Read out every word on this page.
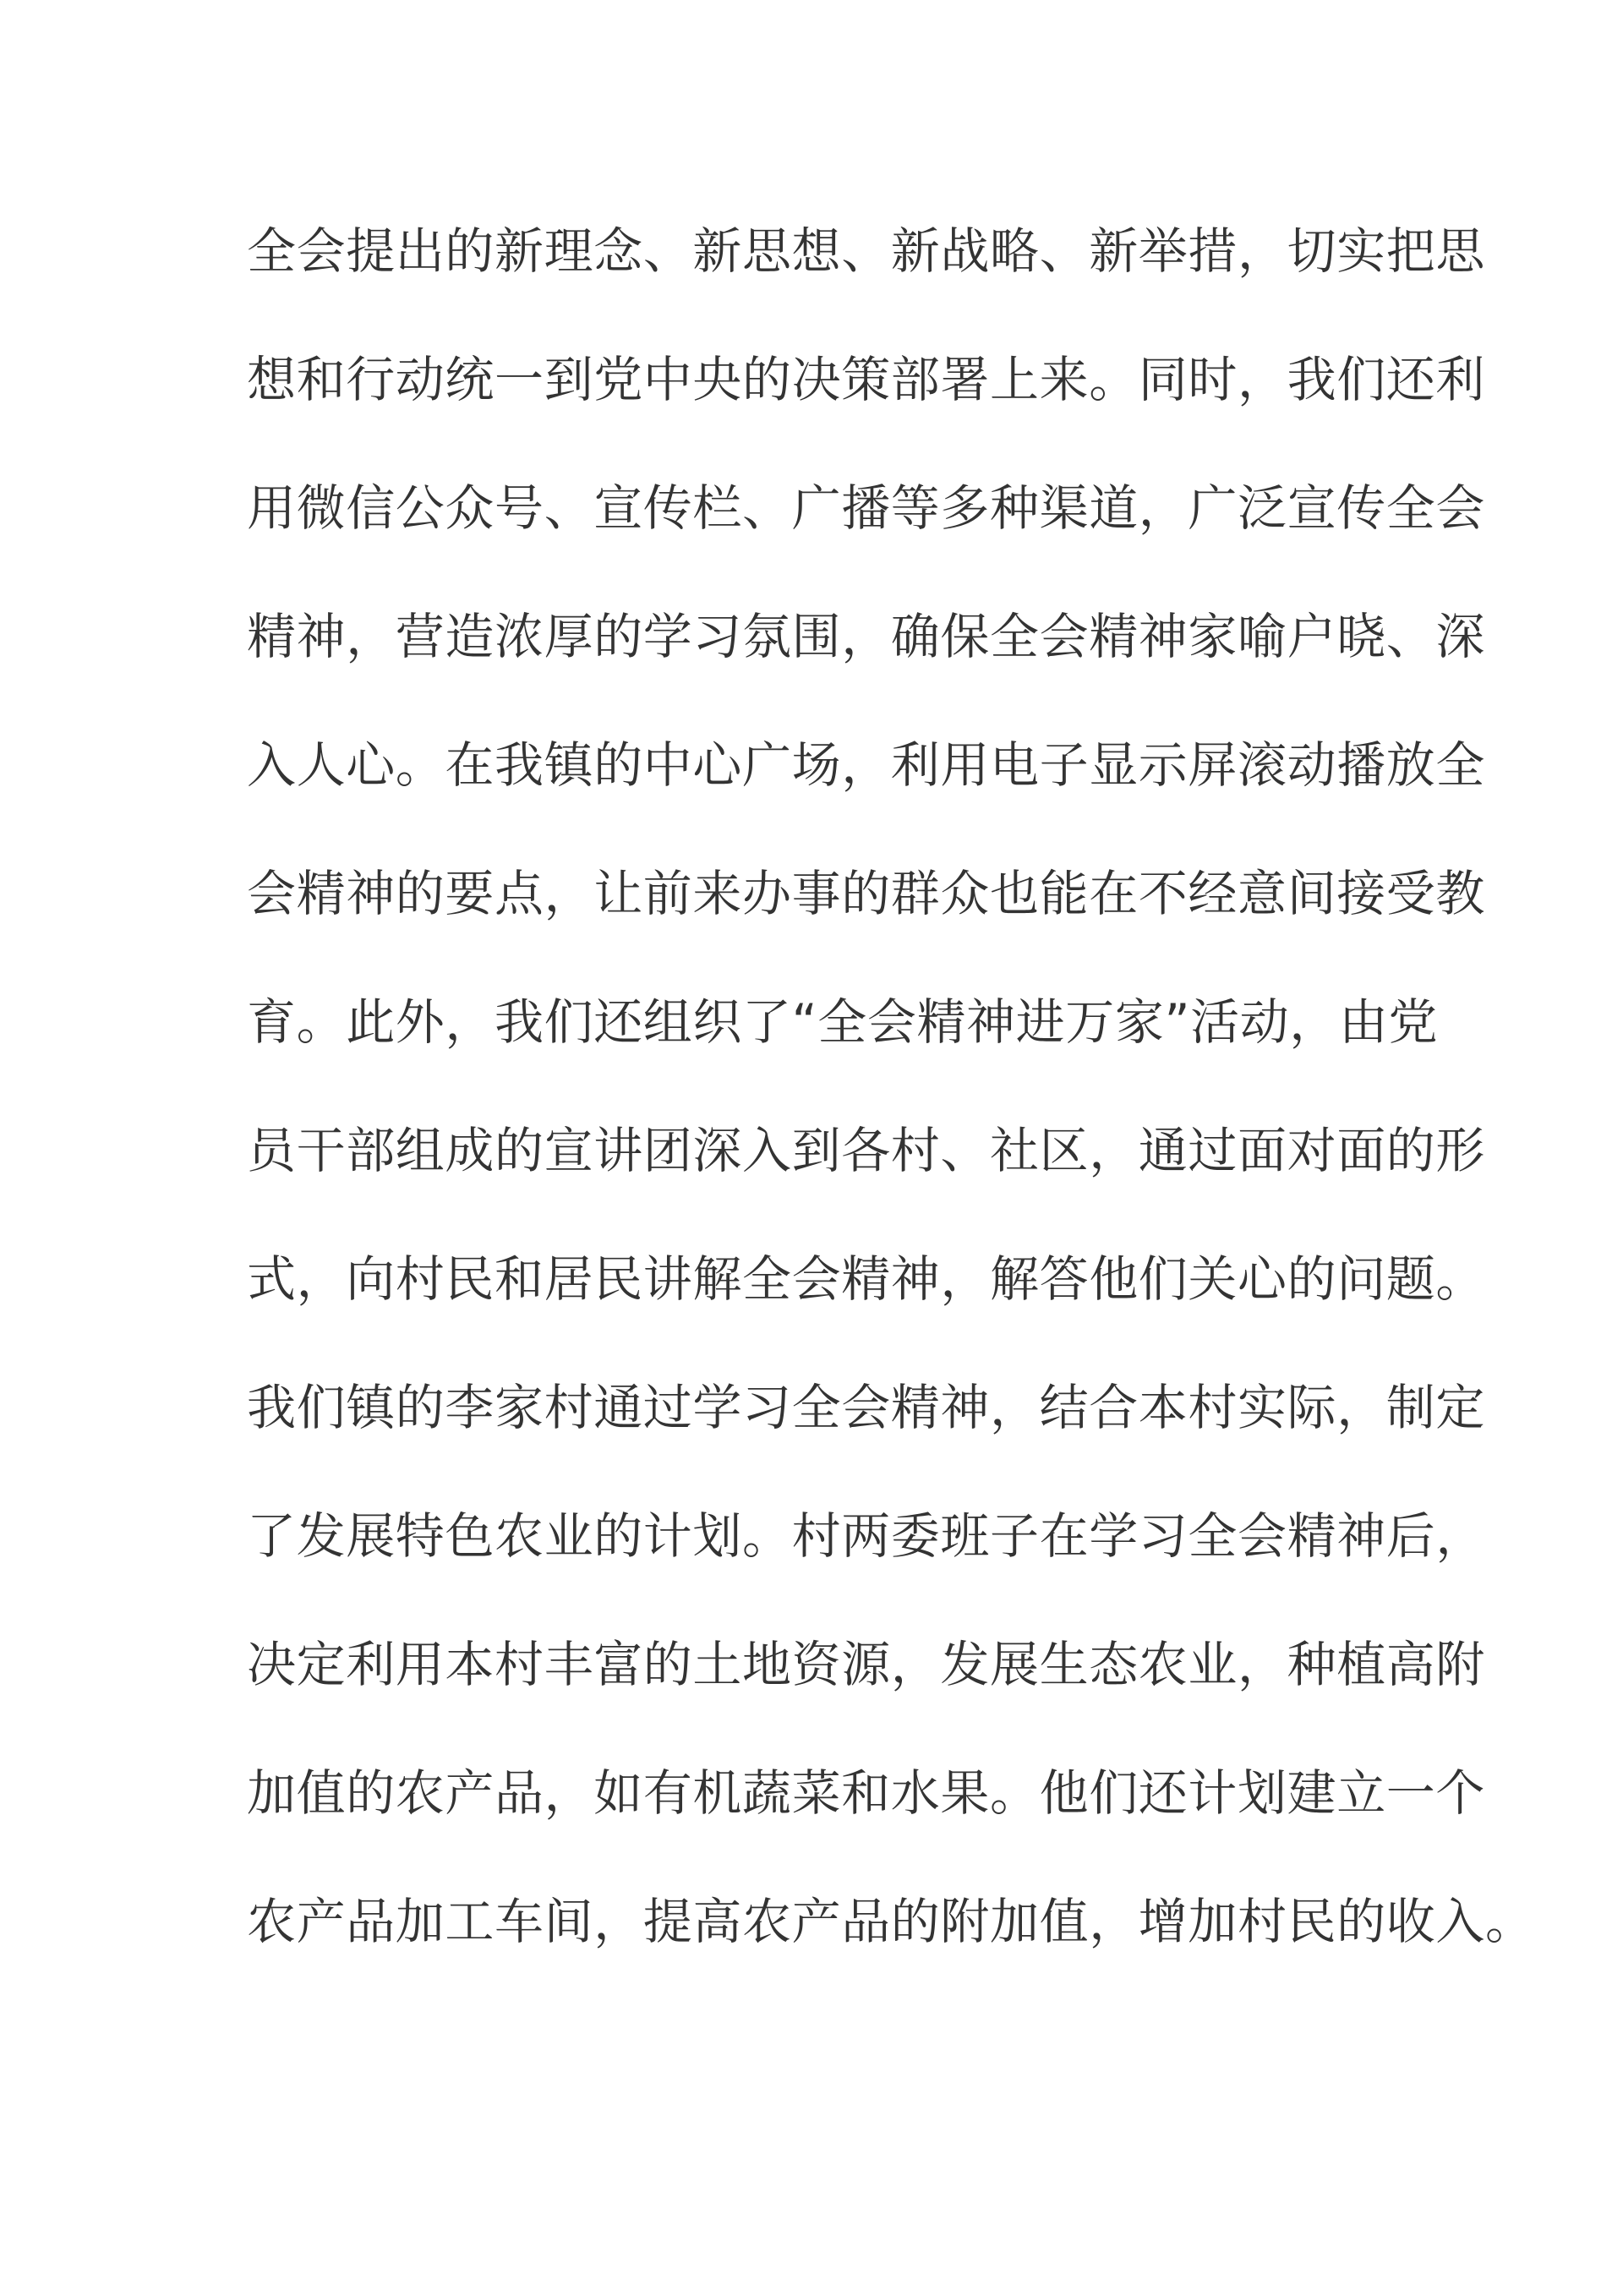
全会提出的新理念、新思想、新战略、新举措，切实把思
想和行动统一到党中央的决策部署上来。同时，我们还利
用微信公众号、宣传栏、广播等多种渠道，广泛宣传全会
精神，营造浓厚的学习氛围，确保全会精神家喻户晓、深
入人心。在我镇的中心广场，利用电子显示屏滚动播放全
会精神的要点，让前来办事的群众也能在不经意间接受教
育。此外，我们还组织了“全会精神进万家”活动，由党
员干部组成的宣讲团深入到各村、社区，通过面对面的形
式，向村民和居民讲解全会精神，解答他们关心的问题。
我们镇的李家村通过学习全会精神，结合本村实际，制定
了发展特色农业的计划。村两委班子在学习全会精神后，
决定利用本村丰富的土地资源，发展生态农业，种植高附
加值的农产品，如有机蔬菜和水果。他们还计划建立一个
农产品加工车间，提高农产品的附加值，增加村民的收入。
